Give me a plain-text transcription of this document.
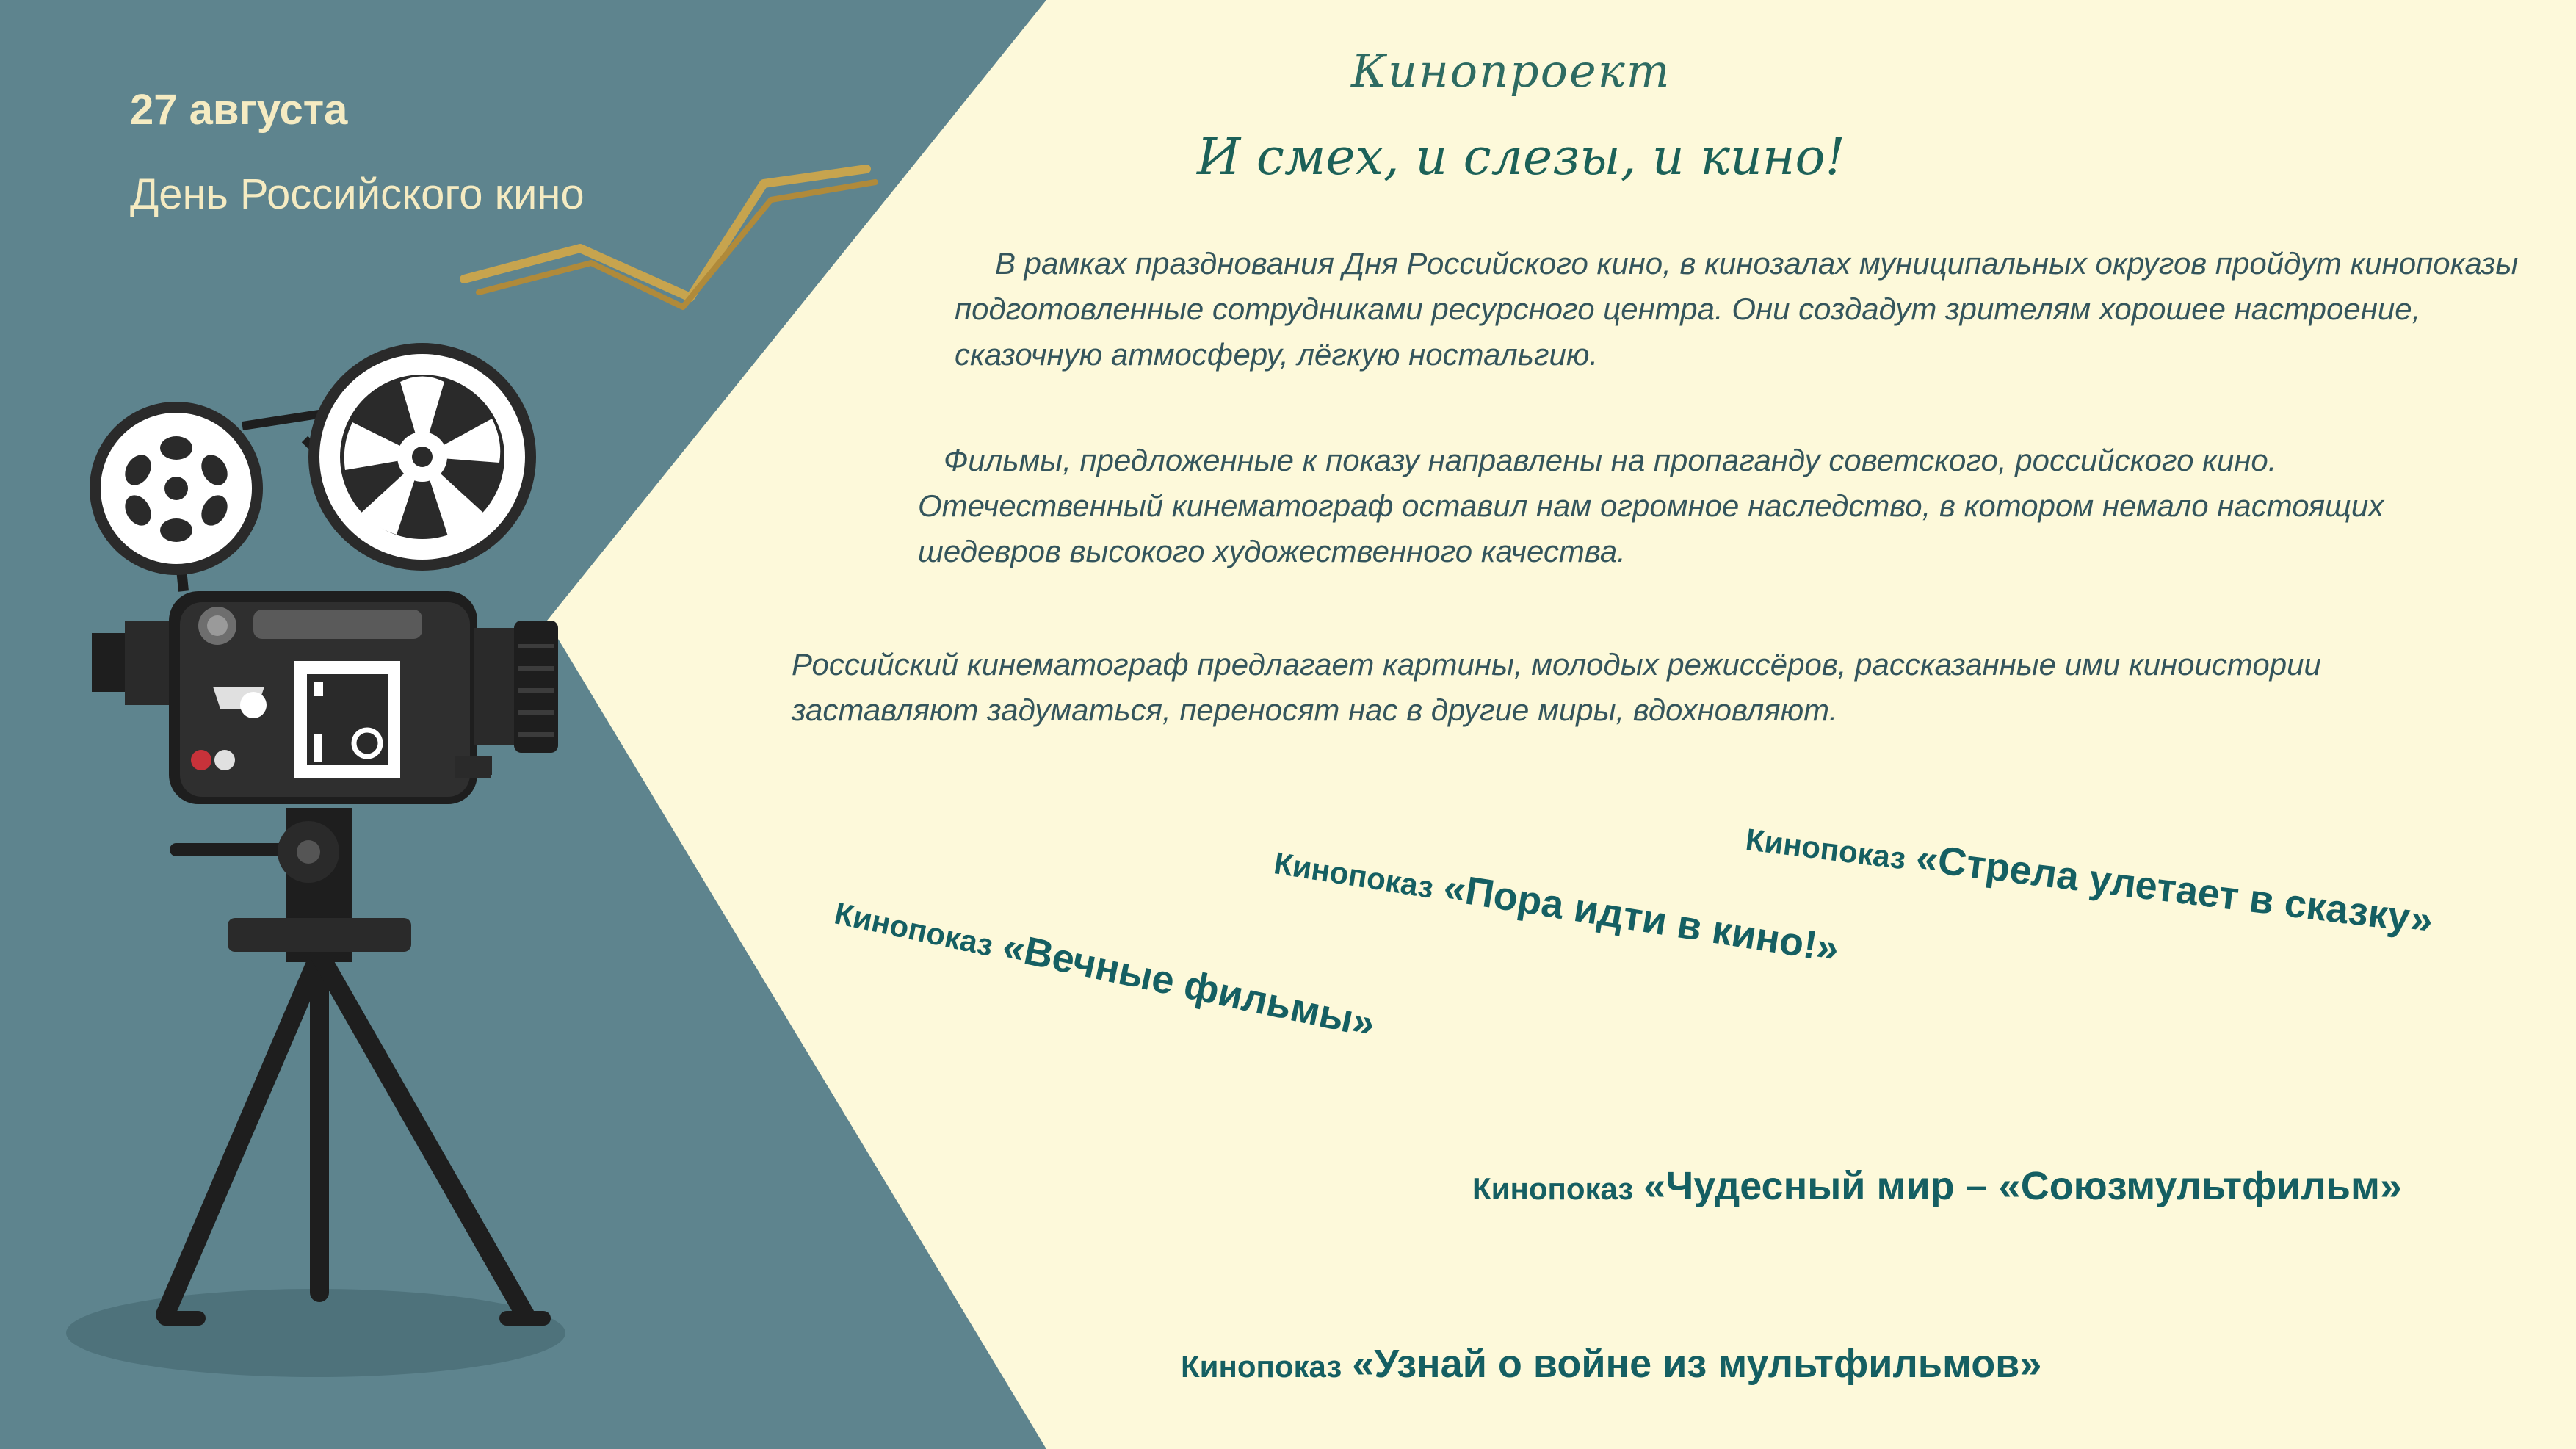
27 августа
День Российского кино
Кинопроект
И смех, и слезы, и кино!

В рамках празднования Дня Российского кино, в кинозалах муниципальных округов пройдут кинопоказы подготовленные сотрудниками ресурсного центра. Они создадут зрителям хорошее настроение, сказочную атмосферу, лёгкую ностальгию.

Фильмы, предложенные к показу направлены на пропаганду советского, российского кино. Отечественный кинематограф оставил нам огромное наследство, в котором немало настоящих шедевров высокого художественного качества.

Российский кинематограф предлагает картины, молодых режиссёров, рассказанные ими киноистории заставляют задуматься, переносят нас в другие миры, вдохновляют.

Кинопоказ «Стрела улетает в сказку»
Кинопоказ «Пора идти в кино!»
Кинопоказ«Вечные фильмы»
Кинопоказ «Чудесный мир – «Союзмультфильм»
Кинопоказ «Узнай о войне из мультфильмов»
